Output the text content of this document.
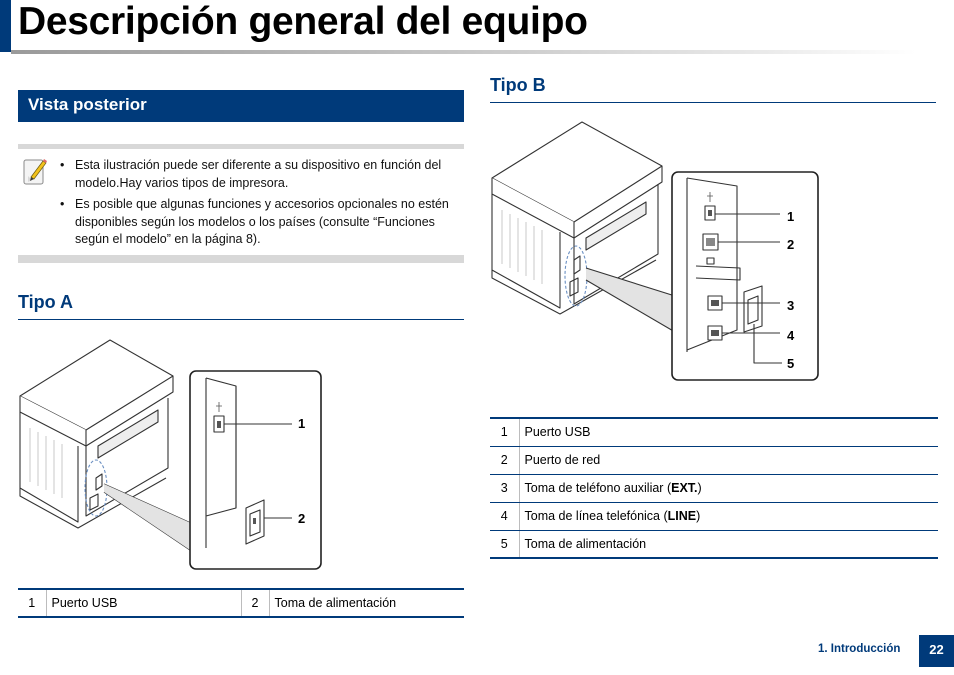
Descripción general del equipo
Vista posterior
• Esta ilustración puede ser diferente a su dispositivo en función del modelo.Hay varios tipos de impresora.
• Es posible que algunas funciones y accesorios opcionales no estén disponibles según los modelos o los países (consulte “Funciones según el modelo” en la página 8).
Tipo A
1
2
1	Puerto USB	2	Toma de alimentación
Tipo B
1
2
3
4
5
1	Puerto USB
2	Puerto de red
3	Toma de teléfono auxiliar (EXT.)
4	Toma de línea telefónica (LINE)
5	Toma de alimentación
1. Introducción	22
